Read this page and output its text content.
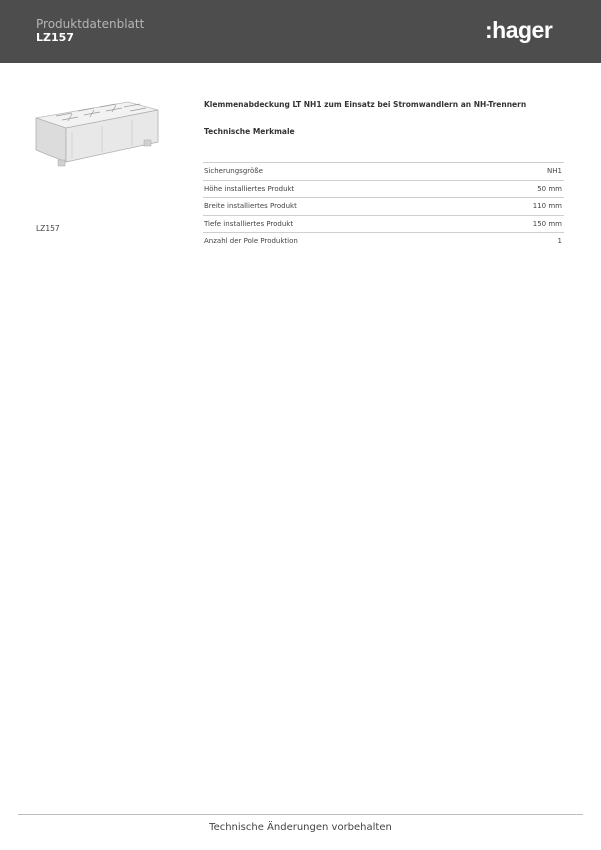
Produktdatenblatt
LZ157	:hager
LZ157
Klemmenabdeckung LT NH1 zum Einsatz bei Stromwandlern an NH-Trennern
Technische Merkmale
Sicherungsgröße	NH1
Höhe installiertes Produkt	50 mm
Breite installiertes Produkt	110 mm
Tiefe installiertes Produkt	150 mm
Anzahl der Pole Produktion	1
Technische Änderungen vorbehalten
